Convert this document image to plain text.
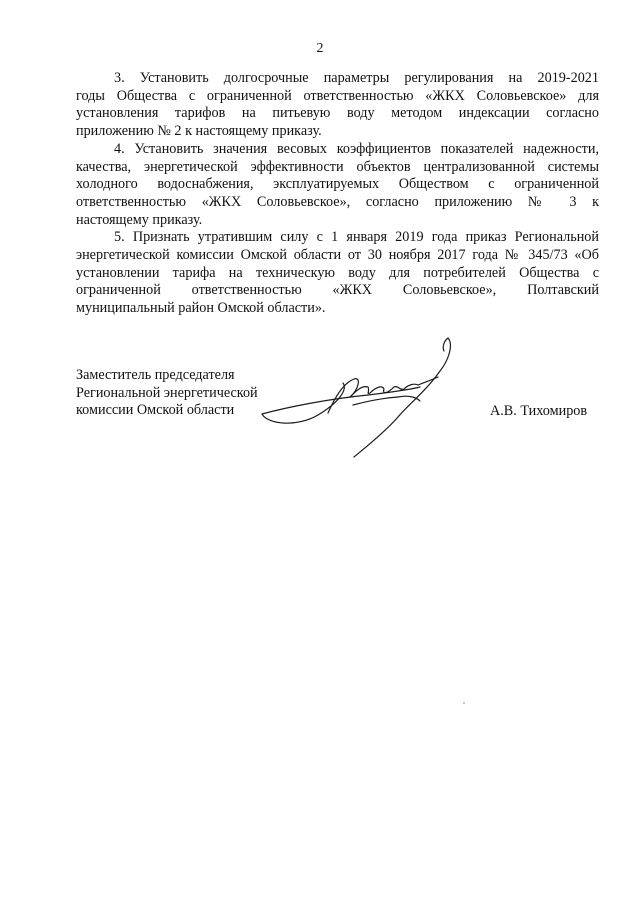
2

3. Установить долгосрочные параметры регулирования на 2019-2021
годы Общества с ограниченной ответственностью «ЖКХ Соловьевское» для
установления тарифов на питьевую воду методом индексации согласно
приложению № 2 к настоящему приказу.

4. Установить значения весовых коэффициентов показателей надежности,
качества, энергетической эффективности объектов централизованной системы
холодного водоснабжения, эксплуатируемых Обществом с ограниченной
ответственностью «ЖКХ Соловьевское», согласно приложению № 3 к
настоящему приказу.

5. Признать утратившим силу с 1 января 2019 года приказ Региональной
энергетической комиссии Омской области от 30 ноября 2017 года № 345/73 «Об
установлении тарифа на техническую воду для потребителей Общества с
ограниченной ответственностью «ЖКХ Соловьевское», Полтавский
муниципальный район Омской области».

Заместитель председателя
Региональной энергетической
комиссии Омской области	А.В. Тихомиров
